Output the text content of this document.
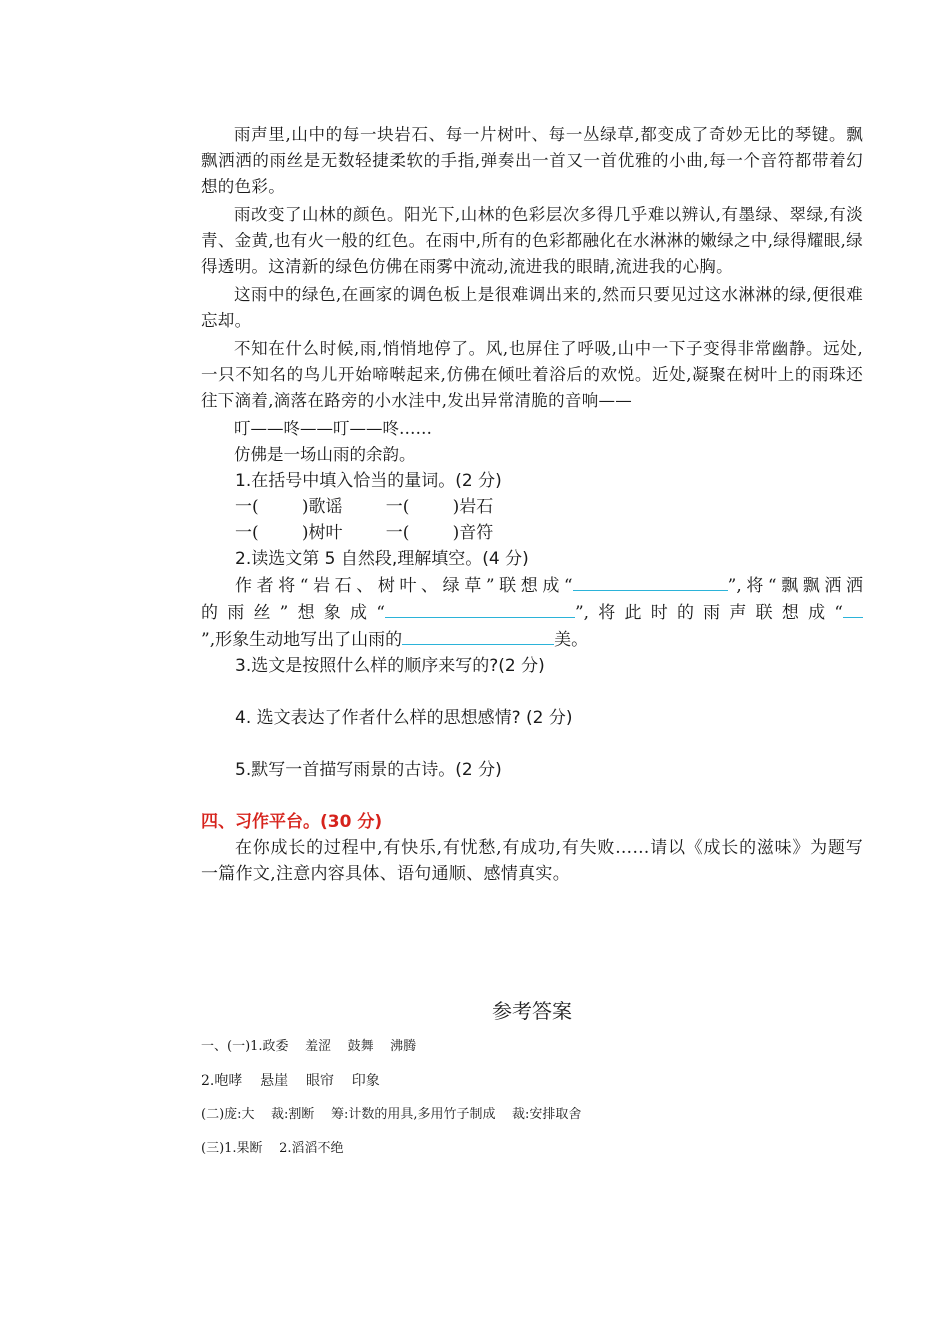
雨声里,山中的每一块岩石、每一片树叶、每一丛绿草,都变成了奇妙无比的琴键。飘飘洒洒的雨丝是无数轻捷柔软的手指,弹奏出一首又一首优雅的小曲,每一个音符都带着幻想的色彩。

雨改变了山林的颜色。阳光下,山林的色彩层次多得几乎难以辨认,有墨绿、翠绿,有淡青、金黄,也有火一般的红色。在雨中,所有的色彩都融化在水淋淋的嫩绿之中,绿得耀眼,绿得透明。这清新的绿色仿佛在雨雾中流动,流进我的眼睛,流进我的心胸。

这雨中的绿色,在画家的调色板上是很难调出来的,然而只要见过这水淋淋的绿,便很难忘却。

不知在什么时候,雨,悄悄地停了。风,也屏住了呼吸,山中一下子变得非常幽静。远处,一只不知名的鸟儿开始啼啭起来,仿佛在倾吐着浴后的欢悦。近处,凝聚在树叶上的雨珠还往下滴着,滴落在路旁的小水洼中,发出异常清脆的音响——

叮——咚——叮——咚……

仿佛是一场山雨的余韵。

1.在括号中填入恰当的量词。(2 分)

一(        )歌谣        一(        )岩石

一(        )树叶        一(        )音符

2.读选文第 5 自然段,理解填空。(4 分)

作者将“岩石、树叶、绿草”联想成“	”,将“飘飘洒洒

的雨丝”想象成“	”,将此时的雨声联想成“

”,形象生动地写出了山雨的	美。

3.选文是按照什么样的顺序来写的?(2 分)

4. 选文表达了作者什么样的思想感情? (2 分)

5.默写一首描写雨景的古诗。(2 分)

四、习作平台。(30 分)

在你成长的过程中,有快乐,有忧愁,有成功,有失败……请以《成长的滋味》为题写一篇作文,注意内容具体、语句通顺、感情真实。

参考答案

一、(一)1.政委    羞涩    鼓舞    沸腾

2.咆哮    悬崖    眼帘    印象

(二)庞:大    裁:割断    筹:计数的用具,多用竹子制成    裁:安排取舍

(三)1.果断    2.滔滔不绝
